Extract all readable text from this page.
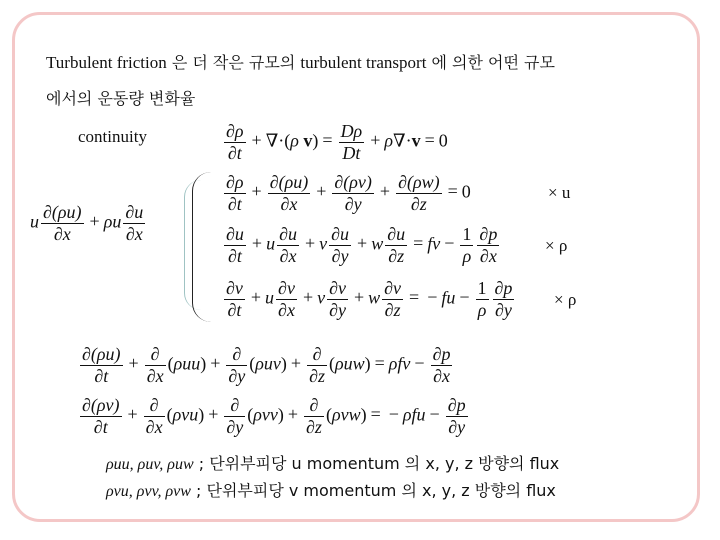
Turbulent friction 은 더 작은 규모의 turbulent transport 에 의한 어떤 규모
에서의 운동량 변화율
continuity	$\frac{\partial\rho}{\partial t} + \nabla\cdot(\rho$ $v) = \frac{D\rho}{Dt} + \rho\nabla\cdot v = 0$
$\frac{\partial\rho}{\partial t} + \frac{\partial(\rho u)}{\partial x} + \frac{\partial(\rho v)}{\partial y} + \frac{\partial(\rho w)}{\partial z} = 0$	× u
$\frac{\partial u}{\partial t} + u \frac{\partial u}{\partial x} + v \frac{\partial u}{\partial y} + w \frac{\partial u}{\partial z}$ = fv − $\frac{1}{\rho} \frac{\partial p}{\partial x}$	× ρ
$\frac{\partial v}{\partial t} + u \frac{\partial v}{\partial x} + v \frac{\partial v}{\partial y} + w \frac{\partial v}{\partial z}$ = − fu − $\frac{1}{\rho} \frac{\partial p}{\partial y} \times \rho$
u $\frac{\partial(\rho u)}{\partial x} + \rho u \frac{\partial u}{\partial x}$
$\frac{\partial(\rho u)}{\partial t} + \frac{\partial}{\partial x} (\rho uu) + \frac{\partial}{\partial y} (\rho uv) + \frac{\partial}{\partial z} (\rho uw) = \rho fv - \frac{\partial p}{\partial x}$
$\frac{\partial(\rho v)}{\partial t} + \frac{\partial}{\partial x} (\rho vu) + \frac{\partial}{\partial y} (\rho vv) + \frac{\partial}{\partial z} (\rho vw)$ = − $\rho fu - \frac{\partial p}{\partial y}$
ρuu, ρuv, ρuw ; 단위부피당 u momentum 의 x, y, z 방향의 flux
ρvu, ρvv, ρvw ; 단위부피당 v momentum 의 x, y, z 방향의 flux
